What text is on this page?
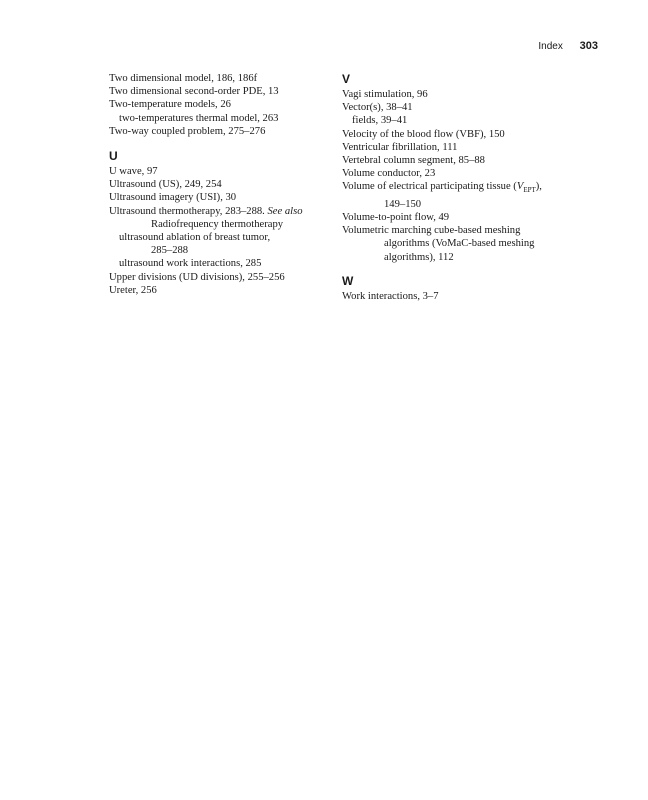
Index 303
Two dimensional model, 186, 186f
Two dimensional second-order PDE, 13
Two-temperature models, 26
two-temperatures thermal model, 263
Two-way coupled problem, 275–276
U
U wave, 97
Ultrasound (US), 249, 254
Ultrasound imagery (USI), 30
Ultrasound thermotherapy, 283–288. See also
Radiofrequency thermotherapy
ultrasound ablation of breast tumor,
285–288
ultrasound work interactions, 285
Upper divisions (UD divisions), 255–256
Ureter, 256
V
Vagi stimulation, 96
Vector(s), 38–41
fields, 39–41
Velocity of the blood flow (VBF), 150
Ventricular fibrillation, 111
Vertebral column segment, 85–88
Volume conductor, 23
Volume of electrical participating tissue $(V_{EPT})$,
149–150
Volume-to-point flow, 49
Volumetric marching cube-based meshing
algorithms (VoMaC-based meshing
algorithms), 112
W
Work interactions, 3–7
